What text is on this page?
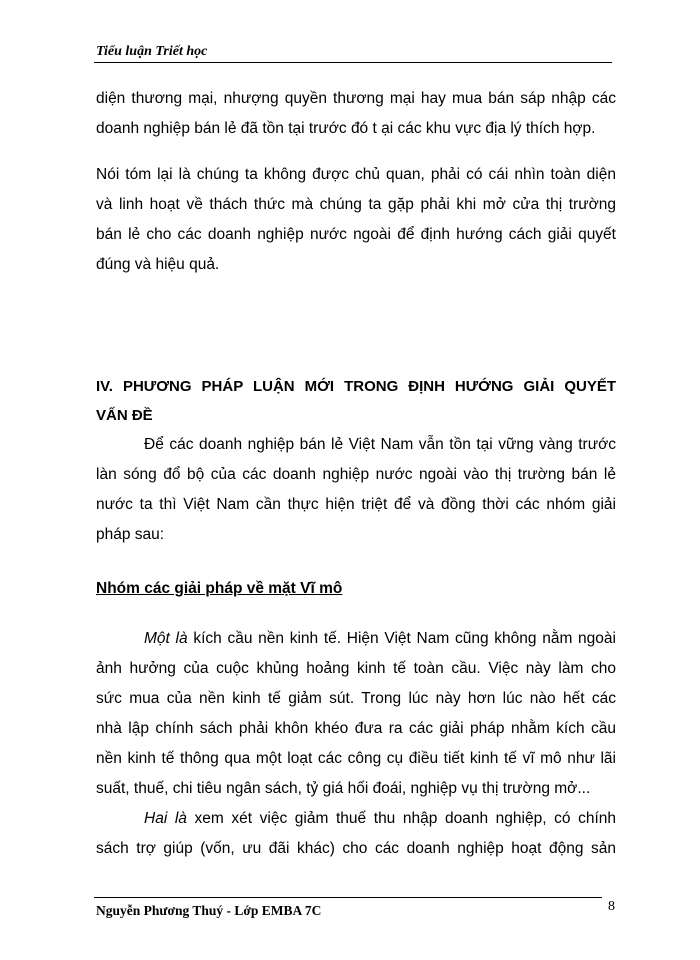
Tiểu luận Triết học

diện thương mại, nhượng quyền thương mại hay mua bán sáp nhập các
doanh nghiệp bán lẻ đã tồn tại trước đó t ại các khu vực địa lý thích hợp.

Nói tóm lại là chúng ta không được chủ quan, phải có cái nhìn toàn diện
và linh hoạt về thách thức mà chúng ta gặp phải khi mở cửa thị trường
bán lẻ cho các doanh nghiệp nước ngoài để định hướng cách giải quyết
đúng và hiệu quả.

IV. PHƯƠNG PHÁP LUẬN MỚI TRONG ĐỊNH HƯỚNG GIẢI QUYẾT
VẤN ĐỀ

Để các doanh nghiệp bán lẻ Việt Nam vẫn tồn tại vững vàng trước
làn sóng đổ bộ của các doanh nghiệp nước ngoài vào thị trường bán lẻ
nước ta thì Việt Nam cần thực hiện triệt để và đồng thời các nhóm giải
pháp sau:

Nhóm các giải pháp về mặt Vĩ mô

Một là kích cầu nền kinh tế. Hiện Việt Nam cũng không nằm ngoài
ảnh hưởng của cuộc khủng hoảng kinh tế toàn cầu. Việc này làm cho
sức mua của nền kinh tế giảm sút. Trong lúc này hơn lúc nào hết các
nhà lập chính sách phải khôn khéo đưa ra các giải pháp nhằm kích cầu
nền kinh tế thông qua một loạt các công cụ điều tiết kinh tế vĩ mô như lãi
suất, thuế, chi tiêu ngân sách, tỷ giá hối đoái, nghiệp vụ thị trường mở...

Hai là xem xét việc giảm thuế thu nhập doanh nghiệp, có chính
sách trợ giúp (vốn, ưu đãi khác) cho các doanh nghiệp hoạt động sản

Nguyễn Phương Thuý - Lớp EMBA 7C	8
